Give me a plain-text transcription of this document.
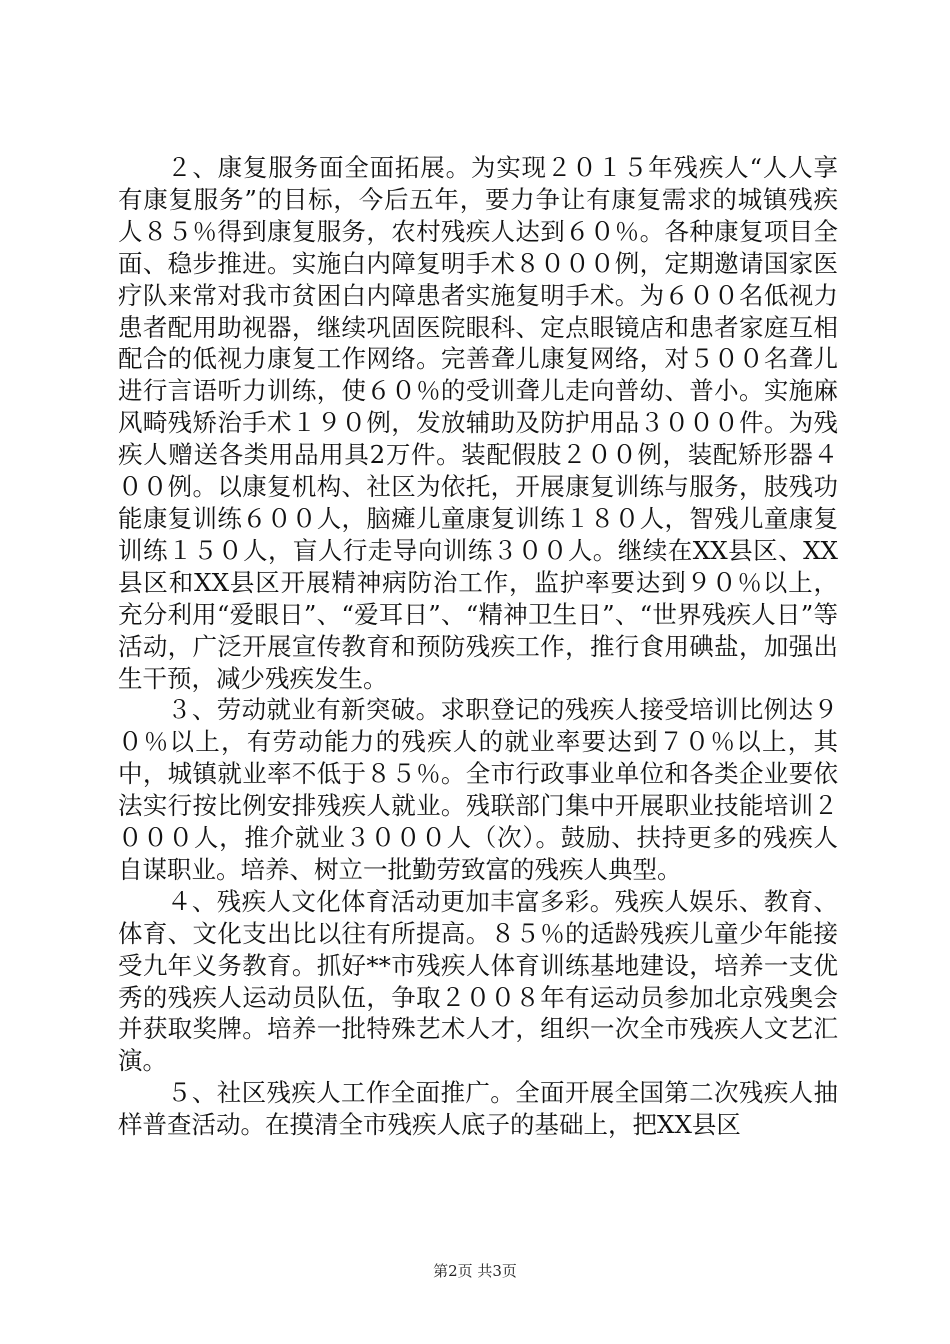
２、康复服务面全面拓展。为实现２０１５年残疾人“人人享有康复服务”的目标，今后五年，要力争让有康复需求的城镇残疾人８５％得到康复服务，农村残疾人达到６０％。各种康复项目全面、稳步推进。实施白内障复明手术８０００例，定期邀请国家医疗队来常对我市贫困白内障患者实施复明手术。为６００名低视力患者配用助视器，继续巩固医院眼科、定点眼镜店和患者家庭互相配合的低视力康复工作网络。完善聋儿康复网络，对５００名聋儿进行言语听力训练，使６０％的受训聋儿走向普幼、普小。实施麻风畸残矫治手术１９０例，发放辅助及防护用品３０００件。为残疾人赠送各类用品用具2万件。装配假肢２００例，装配矫形器４００例。以康复机构、社区为依托，开展康复训练与服务，肢残功能康复训练６００人，脑瘫儿童康复训练１８０人，智残儿童康复训练１５０人，盲人行走导向训练３００人。继续在XX县区、XX县区和XX县区开展精神病防治工作，监护率要达到９０％以上，充分利用“爱眼日”、“爱耳日”、“精神卫生日”、“世界残疾人日”等活动，广泛开展宣传教育和预防残疾工作，推行食用碘盐，加强出生干预，减少残疾发生。

３、劳动就业有新突破。求职登记的残疾人接受培训比例达９０％以上，有劳动能力的残疾人的就业率要达到７０％以上，其中，城镇就业率不低于８５％。全市行政事业单位和各类企业要依法实行按比例安排残疾人就业。残联部门集中开展职业技能培训２０００人，推介就业３０００人（次）。鼓励、扶持更多的残疾人自谋职业。培养、树立一批勤劳致富的残疾人典型。

４、残疾人文化体育活动更加丰富多彩。残疾人娱乐、教育、体育、文化支出比以往有所提高。８５％的适龄残疾儿童少年能接受九年义务教育。抓好**市残疾人体育训练基地建设，培养一支优秀的残疾人运动员队伍，争取２００８年有运动员参加北京残奥会并获取奖牌。培养一批特殊艺术人才，组织一次全市残疾人文艺汇演。

５、社区残疾人工作全面推广。全面开展全国第二次残疾人抽样普查活动。在摸清全市残疾人底子的基础上，把XX县区

第2页 共3页
